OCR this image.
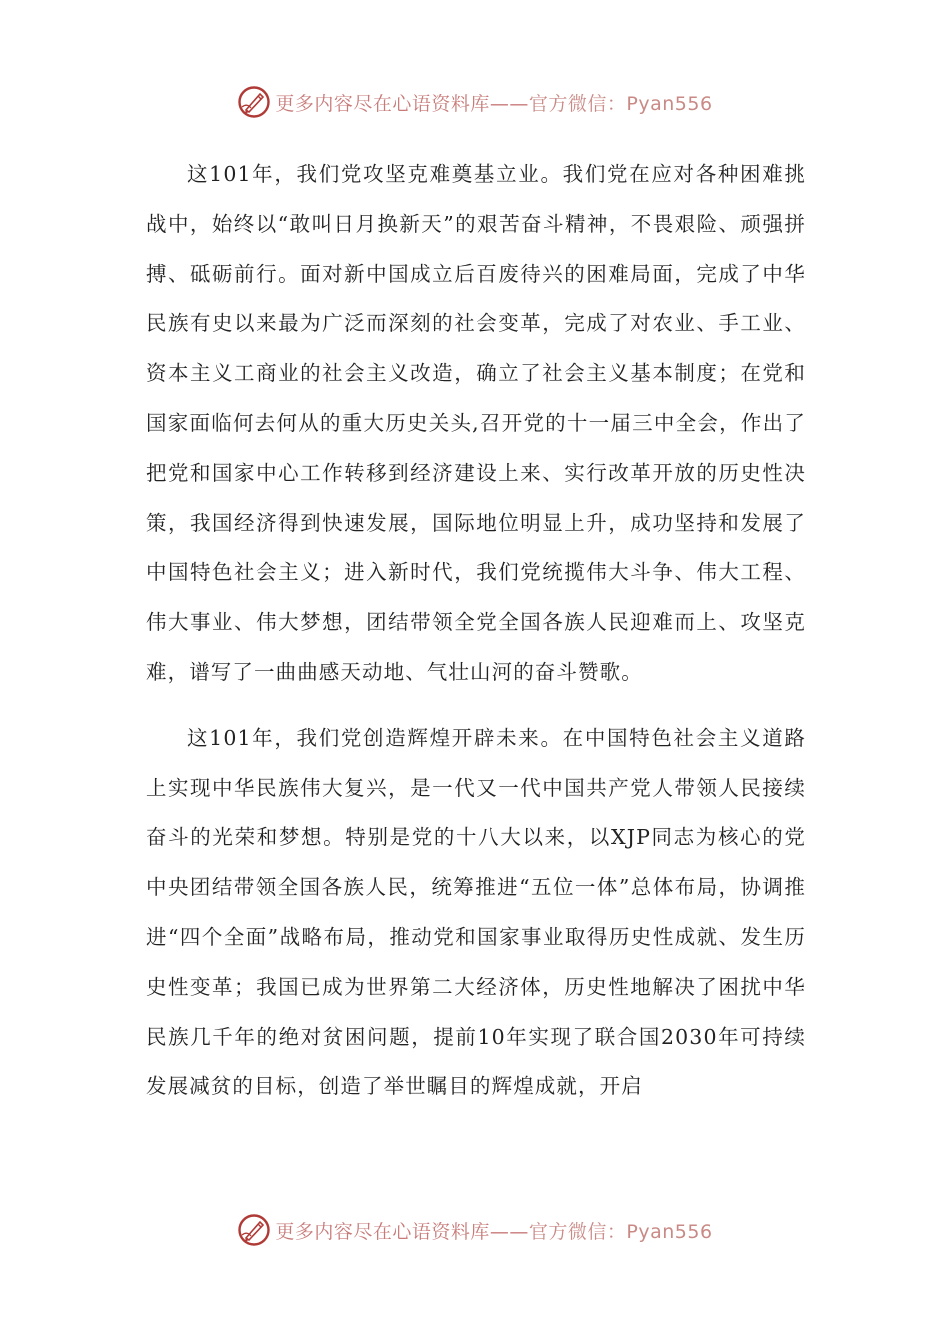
更多内容尽在心语资料库——官方微信：Pyan556

这101年，我们党攻坚克难奠基立业。我们党在应对各种困难挑战中，始终以“敢叫日月换新天”的艰苦奋斗精神，不畏艰险、顽强拼搏、砥砺前行。面对新中国成立后百废待兴的困难局面，完成了中华民族有史以来最为广泛而深刻的社会变革，完成了对农业、手工业、资本主义工商业的社会主义改造，确立了社会主义基本制度；在党和国家面临何去何从的重大历史关头,召开党的十一届三中全会，作出了把党和国家中心工作转移到经济建设上来、实行改革开放的历史性决策，我国经济得到快速发展，国际地位明显上升，成功坚持和发展了中国特色社会主义；进入新时代，我们党统揽伟大斗争、伟大工程、伟大事业、伟大梦想，团结带领全党全国各族人民迎难而上、攻坚克难，谱写了一曲曲感天动地、气壮山河的奋斗赞歌。

这101年，我们党创造辉煌开辟未来。在中国特色社会主义道路上实现中华民族伟大复兴，是一代又一代中国共产党人带领人民接续奋斗的光荣和梦想。特别是党的十八大以来，以XJP同志为核心的党中央团结带领全国各族人民，统筹推进“五位一体”总体布局，协调推进“四个全面”战略布局，推动党和国家事业取得历史性成就、发生历史性变革；我国已成为世界第二大经济体，历史性地解决了困扰中华民族几千年的绝对贫困问题，提前10年实现了联合国2030年可持续发展减贫的目标，创造了举世瞩目的辉煌成就，开启

更多内容尽在心语资料库——官方微信：Pyan556
